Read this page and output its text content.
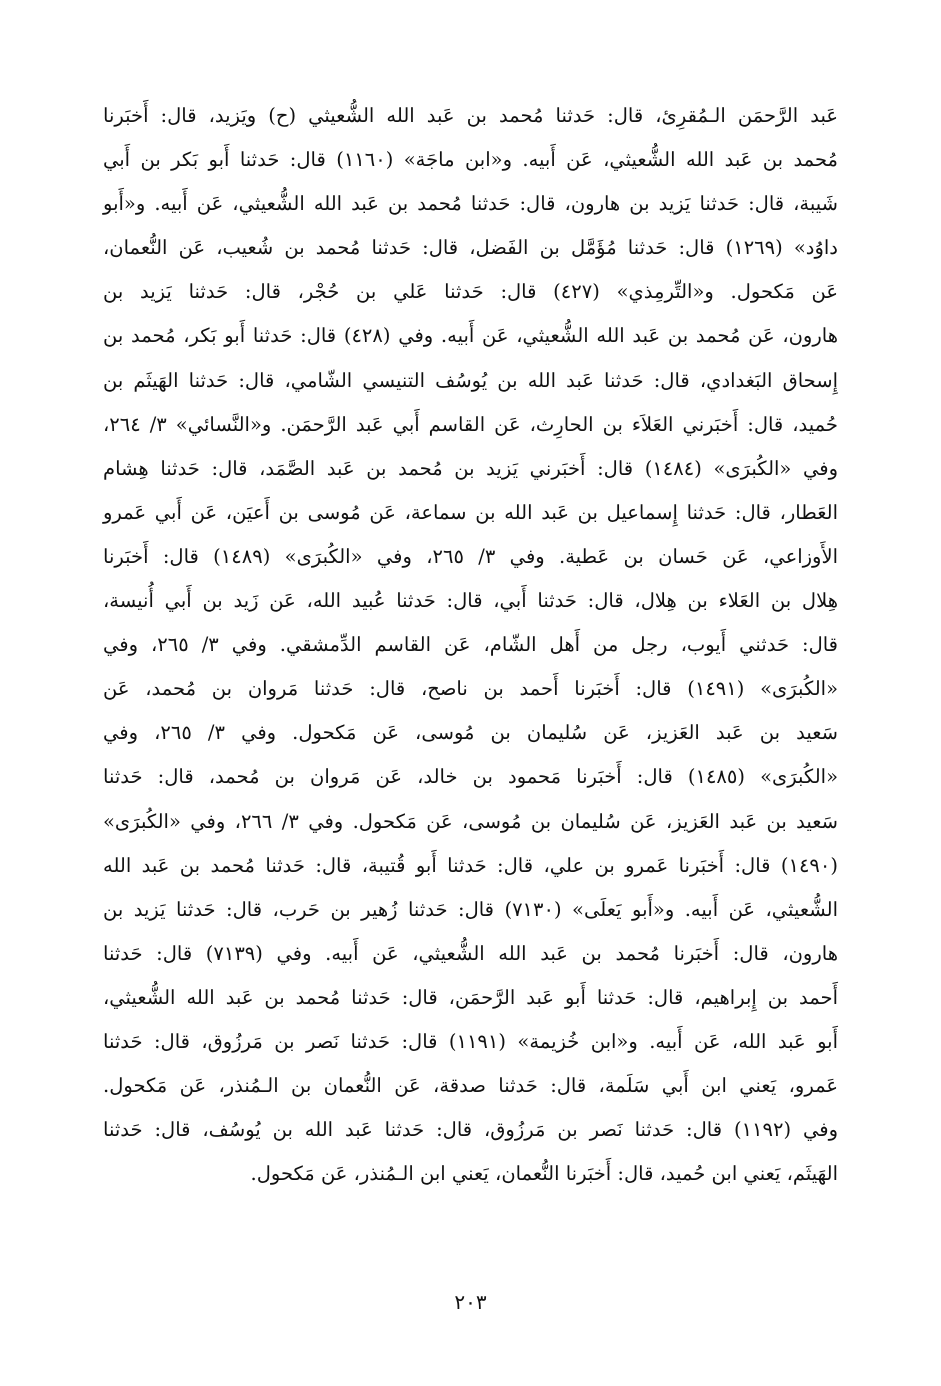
عَبد الرَّحمَن الـمُقرِئ، قال: حَدثنا مُحمد بن عَبد الله الشُّعيثي (ح) ويَزيد، قال: أَخبَرنا
مُحمد بن عَبد الله الشُّعيثي، عَن أَبيه. و«ابن ماجَة» (١١٦٠) قال: حَدثنا أَبو بَكر بن أَبي
شَيبة، قال: حَدثنا يَزيد بن هارون، قال: حَدثنا مُحمد بن عَبد الله الشُّعيثي، عَن أَبيه. و«أَبو
داوُد» (١٢٦٩) قال: حَدثنا مُؤَمَّل بن الفَضل، قال: حَدثنا مُحمد بن شُعيب، عَن النُّعمان،
عَن مَكحول. و«التِّرمِذي» (٤٢٧) قال: حَدثنا عَلي بن حُجْر، قال: حَدثنا يَزيد بن
هارون، عَن مُحمد بن عَبد الله الشُّعيثي، عَن أَبيه. وفي (٤٢٨) قال: حَدثنا أَبو بَكر، مُحمد بن
إِسحاق البَغدادي، قال: حَدثنا عَبد الله بن يُوسُف التنيسي الشّامي، قال: حَدثنا الهَيثَم بن
حُميد، قال: أَخبَرني العَلاَء بن الحارِث، عَن القاسم أَبي عَبد الرَّحمَن. و«النَّسائي» ٣/ ٢٦٤،
وفي «الكُبرَى» (١٤٨٤) قال: أَخبَرني يَزيد بن مُحمد بن عَبد الصَّمَد، قال: حَدثنا هِشام
العَطار، قال: حَدثنا إِسماعيل بن عَبد الله بن سماعة، عَن مُوسى بن أَعيَن، عَن أَبي عَمرو
الأَوزاعي، عَن حَسان بن عَطية. وفي ٣/ ٢٦٥، وفي «الكُبرَى» (١٤٨٩) قال: أَخبَرنا
هِلال بن العَلاء بن هِلال، قال: حَدثنا أَبي، قال: حَدثنا عُبيد الله، عَن زَيد بن أَبي أُنيسة،
قال: حَدثني أَيوب، رجل من أَهل الشّام، عَن القاسم الدِّمشقي. وفي ٣/ ٢٦٥، وفي
«الكُبرَى» (١٤٩١) قال: أَخبَرنا أَحمد بن ناصح، قال: حَدثنا مَروان بن مُحمد، عَن
سَعيد بن عَبد العَزيز، عَن سُليمان بن مُوسى، عَن مَكحول. وفي ٣/ ٢٦٥، وفي
«الكُبرَى» (١٤٨٥) قال: أَخبَرنا مَحمود بن خالد، عَن مَروان بن مُحمد، قال: حَدثنا
سَعيد بن عَبد العَزيز، عَن سُليمان بن مُوسى، عَن مَكحول. وفي ٣/ ٢٦٦، وفي «الكُبرَى»
(١٤٩٠) قال: أَخبَرنا عَمرو بن علي، قال: حَدثنا أَبو قُتيبة، قال: حَدثنا مُحمد بن عَبد الله
الشُّعيثي، عَن أَبيه. و«أَبو يَعلَى» (٧١٣٠) قال: حَدثنا زُهير بن حَرب، قال: حَدثنا يَزيد بن
هارون، قال: أَخبَرنا مُحمد بن عَبد الله الشُّعيثي، عَن أَبيه. وفي (٧١٣٩) قال: حَدثنا
أَحمد بن إِبراهيم، قال: حَدثنا أَبو عَبد الرَّحمَن، قال: حَدثنا مُحمد بن عَبد الله الشُّعيثي،
أَبو عَبد الله، عَن أَبيه. و«ابن خُزيمة» (١١٩١) قال: حَدثنا نَصر بن مَرزُوق، قال: حَدثنا
عَمرو، يَعني ابن أَبي سَلَمة، قال: حَدثنا صدقة، عَن النُّعمان بن الـمُنذر، عَن مَكحول.
وفي (١١٩٢) قال: حَدثنا نَصر بن مَرزُوق، قال: حَدثنا عَبد الله بن يُوسُف، قال: حَدثنا
الهَيثَم، يَعني ابن حُميد، قال: أَخبَرنا النُّعمان، يَعني ابن الـمُنذر، عَن مَكحول.
٢٠٣
